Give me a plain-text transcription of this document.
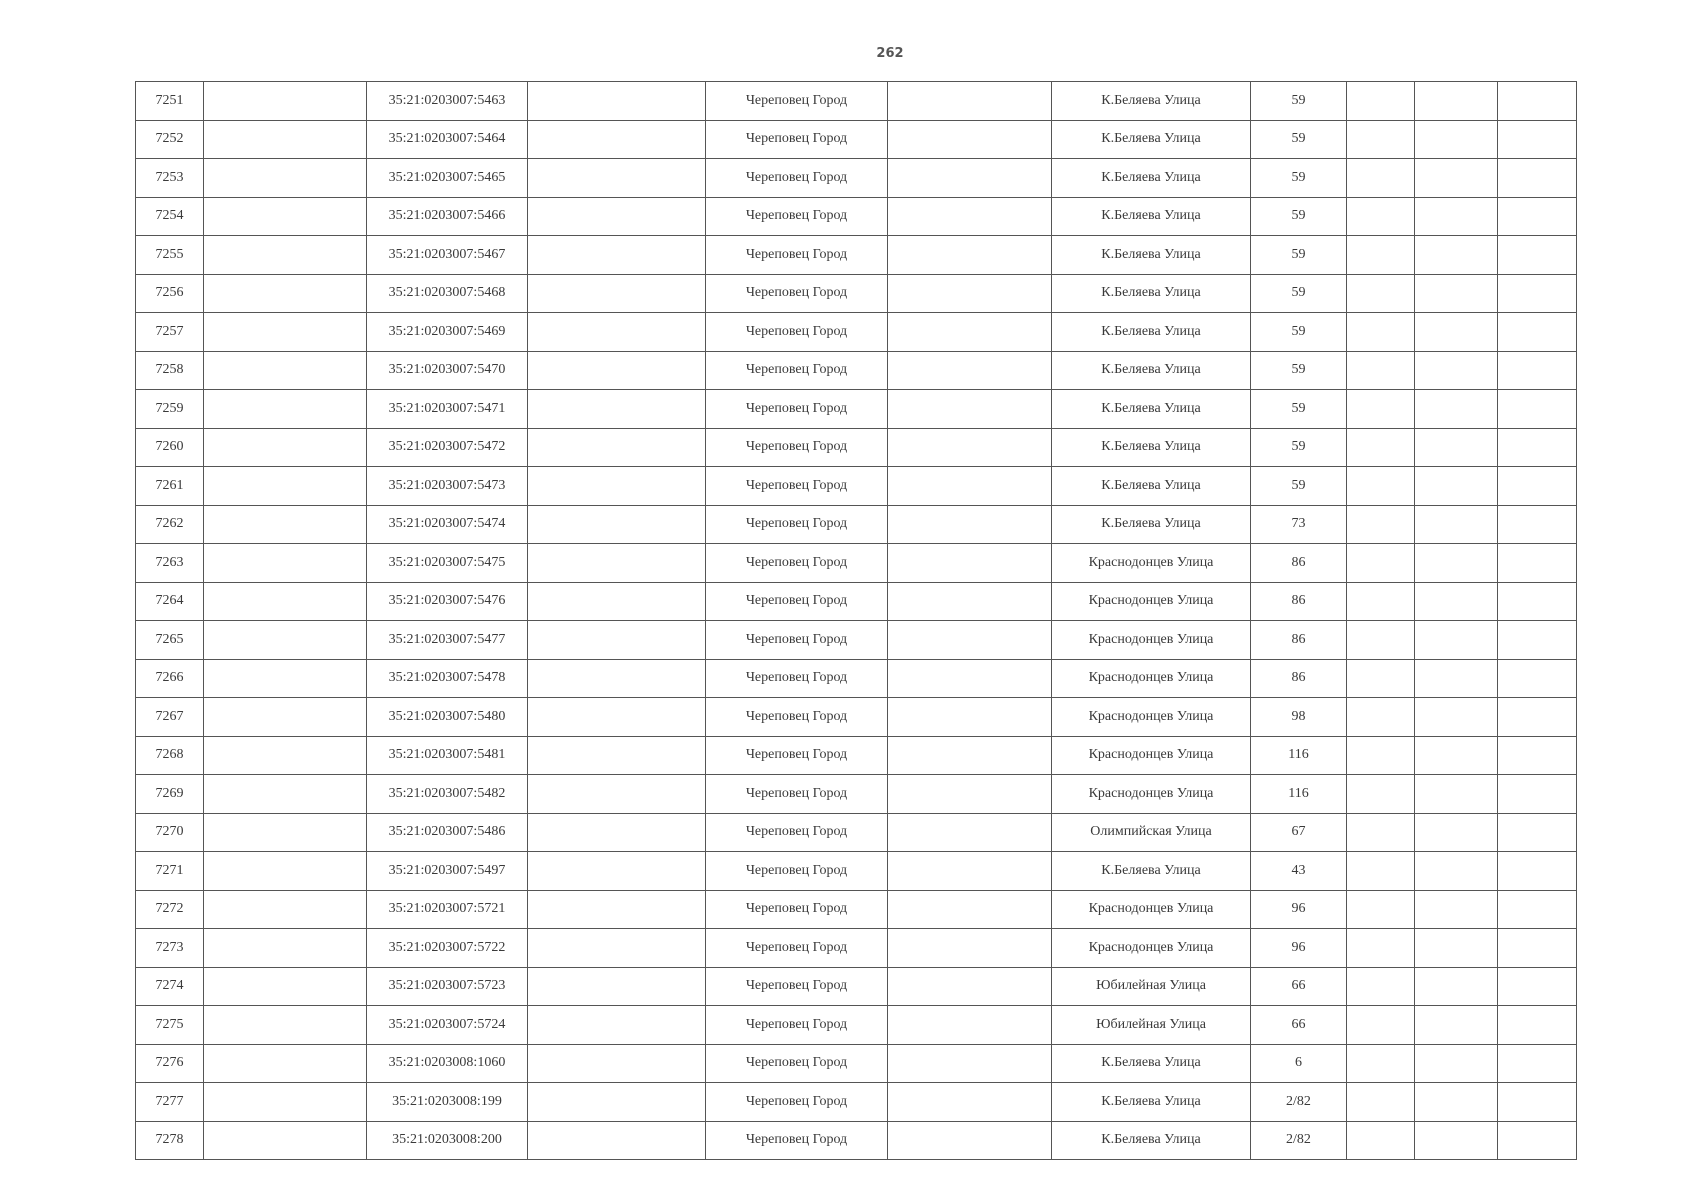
262
7251		35:21:0203007:5463		Череповец Город		К.Беляева Улица	59			
7252		35:21:0203007:5464		Череповец Город		К.Беляева Улица	59			
7253		35:21:0203007:5465		Череповец Город		К.Беляева Улица	59			
7254		35:21:0203007:5466		Череповец Город		К.Беляева Улица	59			
7255		35:21:0203007:5467		Череповец Город		К.Беляева Улица	59			
7256		35:21:0203007:5468		Череповец Город		К.Беляева Улица	59			
7257		35:21:0203007:5469		Череповец Город		К.Беляева Улица	59			
7258		35:21:0203007:5470		Череповец Город		К.Беляева Улица	59			
7259		35:21:0203007:5471		Череповец Город		К.Беляева Улица	59			
7260		35:21:0203007:5472		Череповец Город		К.Беляева Улица	59			
7261		35:21:0203007:5473		Череповец Город		К.Беляева Улица	59			
7262		35:21:0203007:5474		Череповец Город		К.Беляева Улица	73			
7263		35:21:0203007:5475		Череповец Город		Краснодонцев Улица	86			
7264		35:21:0203007:5476		Череповец Город		Краснодонцев Улица	86			
7265		35:21:0203007:5477		Череповец Город		Краснодонцев Улица	86			
7266		35:21:0203007:5478		Череповец Город		Краснодонцев Улица	86			
7267		35:21:0203007:5480		Череповец Город		Краснодонцев Улица	98			
7268		35:21:0203007:5481		Череповец Город		Краснодонцев Улица	116			
7269		35:21:0203007:5482		Череповец Город		Краснодонцев Улица	116			
7270		35:21:0203007:5486		Череповец Город		Олимпийская Улица	67			
7271		35:21:0203007:5497		Череповец Город		К.Беляева Улица	43			
7272		35:21:0203007:5721		Череповец Город		Краснодонцев Улица	96			
7273		35:21:0203007:5722		Череповец Город		Краснодонцев Улица	96			
7274		35:21:0203007:5723		Череповец Город		Юбилейная Улица	66			
7275		35:21:0203007:5724		Череповец Город		Юбилейная Улица	66			
7276		35:21:0203008:1060		Череповец Город		К.Беляева Улица	6			
7277		35:21:0203008:199		Череповец Город		К.Беляева Улица	2/82			
7278		35:21:0203008:200		Череповец Город		К.Беляева Улица	2/82			
